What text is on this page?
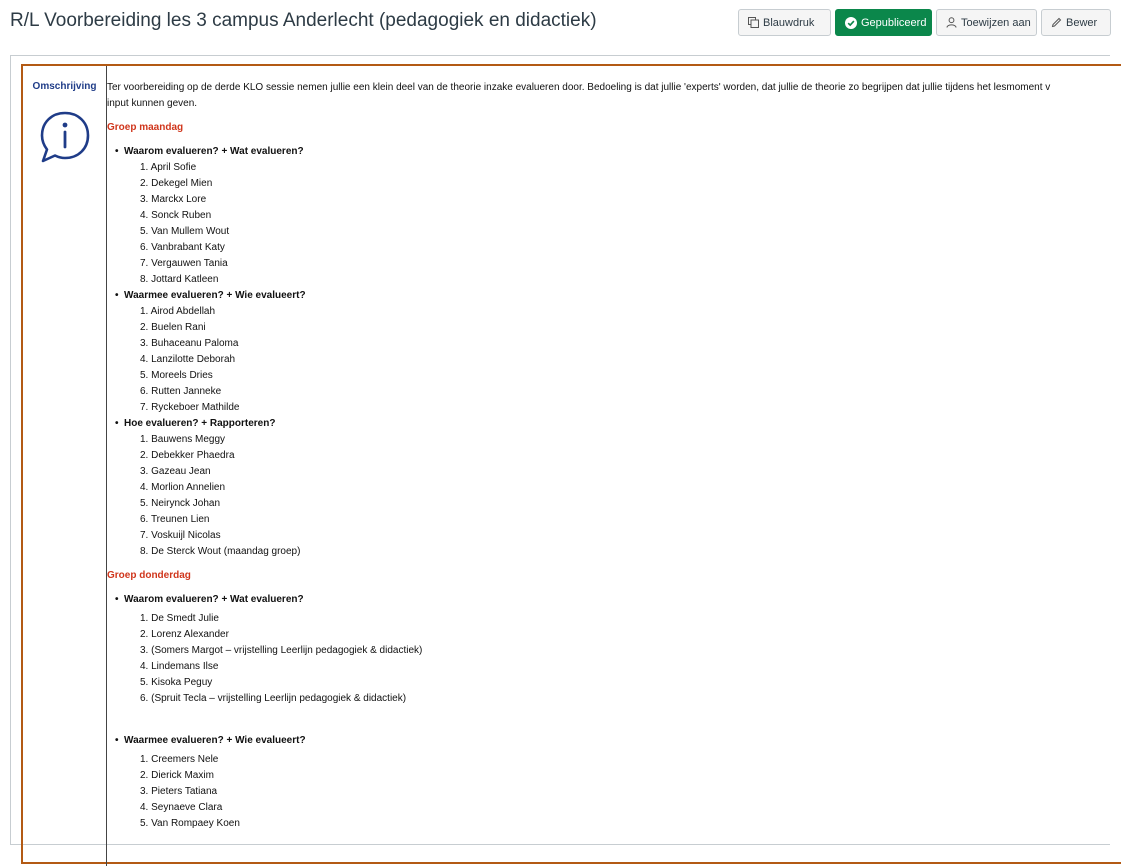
R/L Voorbereiding les 3 campus Anderlecht (pedagogiek en didactiek)	Blauwdruk	Gepubliceerd	Toewijzen aan	Bewer
Omschrijving	Ter voorbereiding op de derde KLO sessie nemen jullie een klein deel van de theorie inzake evalueren door. Bedoeling is dat jullie 'experts' worden, dat jullie de theorie zo begrijpen dat jullie tijdens het lesmoment v
input kunnen geven.
Groep maandag
• Waarom evalueren? + Wat evalueren?
1. April Sofie
2. Dekegel Mien
3. Marckx Lore
4. Sonck Ruben
5. Van Mullem Wout
6. Vanbrabant Katy
7. Vergauwen Tania
8. Jottard Katleen
• Waarmee evalueren? + Wie evalueert?
1. Airod Abdellah
2. Buelen Rani
3. Buhaceanu Paloma
4. Lanzilotte Deborah
5. Moreels Dries
6. Rutten Janneke
7. Ryckeboer Mathilde
• Hoe evalueren? + Rapporteren?
1. Bauwens Meggy
2. Debekker Phaedra
3. Gazeau Jean
4. Morlion Annelien
5. Neirynck Johan
6. Treunen Lien
7. Voskuijl Nicolas
8. De Sterck Wout (maandag groep)
Groep donderdag
• Waarom evalueren? + Wat evalueren?
1. De Smedt Julie
2. Lorenz Alexander
3. (Somers Margot – vrijstelling Leerlijn pedagogiek & didactiek)
4. Lindemans Ilse
5. Kisoka Peguy
6. (Spruit Tecla – vrijstelling Leerlijn pedagogiek & didactiek)
• Waarmee evalueren? + Wie evalueert?
1. Creemers Nele
2. Dierick Maxim
3. Pieters Tatiana
4. Seynaeve Clara
5. Van Rompaey Koen
